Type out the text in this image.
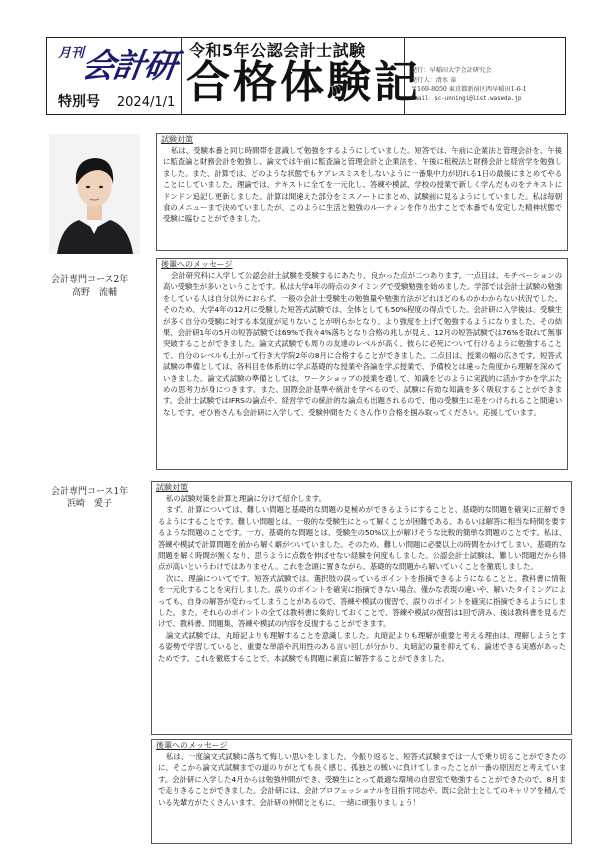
月刊
会計研
特別号 2024/1/1
令和5年公認会計士試験
合格体験記
発行：早稲田大学会計研究会
発行人：清水 泰
〒169-8050 東京都新宿区西早稲田1-6-1
Email：sc-unningi@list.waseda.jp
試験対策
私は、受験本番と同じ時間帯を意識して勉強をするようにしていました。短答では、午前に企業法と管理会計を、午後に監査論と財務会計を勉強し、論文では午前に監査論と管理会計と企業法を、午後に租税法と財務会計と経営学を勉強しました。また、計算では、どのような状態でもケアレスミスをしないように一番集中力が切れる1日の最後にまとめてやることにしていました。理論では、テキストに全てを一元化し、答練や模試、学校の授業で新しく学んだものをテキストにドンドン追記し更新しました。計算は間違えた部分をミスノートにまとめ、試験前に見るようにしていました。私は毎朝食のメニューまで決めていましたが、このように生活と勉強のルーティンを作り出すことで本番でも安定した精神状態で受験に臨むことができました。
会計専門コース2年
高野　流輔
後輩へのメッセージ
会計研究科に入学して公認会計士試験を受験するにあたり、良かった点が二つあります。一点目は、モチベーションの高い受験生が多いということです。私は大学4年の時点のタイミングで受験勉強を始めました。学部では会計士試験の勉強をしている人は自分以外におらず、一般の会計士受験生の勉強量や勉強方法がどれほどのものかわからない状況でした。そのため、大学4年の12月に受験した短答式試験では、全体としても50%程度の得点でした。会計研に入学後は、受験生が多く自分の受験に対する本気度が足りないことが明らかとなり、より強度を上げて勉強するようになりました。その結果、会計研1年の5月の短答試験では69%で我々4%落ちとなり合格の兆しが見え、12月の短答試験では76%を取れて無事突破することができました。論文式試験でも周りの友達のレベルが高く、彼らに必死について行けるように勉強することで、自分のレベルも上がって行き大学院2年の8月に合格することができました。二点目は、授業の幅の広さです。短答式試験の準備としては、各科目を体系的に学ぶ基礎的な授業や各論を学ぶ授業で、予備校とは違った角度から理解を深めていきました。論文式試験の準備としては、ワークショップの授業を通して、知識をどのように実践的に活かすかを学ぶための思考力が身につきます。また、国際会計基準や統計を学べるので、試験に有効な知識を多く吸収することができます。会計士試験ではIFRSの論点や、経営学での統計的な論点も出題されるので、他の受験生に差をつけられること間違いなしです。ぜひ皆さんも会計研に入学して、受験仲間をたくさん作り合格を掴み取ってください。応援しています。
会計専門コース1年
浜崎　愛子
試験対策
私の試験対策を計算と理論に分けて紹介します。
まず、計算については、難しい問題と基礎的な問題の見極めができるようにすることと、基礎的な問題を確実に正解できるようにすることです。難しい問題とは、一般的な受験生にとって解くことが困難である、あるいは解答に相当な時間を要するような問題のことです。一方、基礎的な問題とは、受験生の50%以上が解けそうな比較的簡単な問題のことです。私は、答練や模試で計算問題を前から解く癖がついていました。そのため、難しい問題に必要以上の時間をかけてしまい、基礎的な問題を解く時間が無くなり、思うように点数を伸ばせない経験を何度もしました。公認会計士試験は、難しい問題だから得点が高いというわけではありません。これを念頭に置きながら、基礎的な問題から解いていくことを徹底しました。
次に、理論についてです。短答式試験では、選択肢の誤っているポイントを指摘できるようになることと、教科書に情報を一元化することを実行しました。誤りのポイントを確実に指摘できない場合、僅かな表現の違いや、解いたタイミングによっても、自身の解答が変わってしまうことがあるので、答練や模試の復習で、誤りのポイントを確実に指摘できるようにしました。また、それらのポイントの全ては教科書に集約しておくことで、答練や模試の復習は1回で済み、後は教科書を見るだけで、教科書、問題集、答練や模試の内容を反復することができます。
論文式試験では、丸暗記よりも理解することを意識しました。丸暗記よりも理解が重要と考える理由は、理解しようとする姿勢で学習していると、重要な単語や汎用性のある言い回しが分かり、丸暗記の量を抑えても、論述できる実感があったためです。これを徹底することで、本試験でも問題に素直に解答することができました。
後輩へのメッセージ
私は、一度論文式試験に落ちて悔しい思いをしました。今振り返ると、短答式試験までは一人で乗り切ることができたのに、そこから論文式試験までの道のりがとても長く感じ、孤独との戦いに負けてしまったことが一番の原因だと考えています。会計研に入学した4月からは勉強仲間ができ、受験生にとって最適な環境の自習室で勉強することができたので、8月まで走りきることができました。会計研には、会計プロフェッショナルを目指す同志や、既に会計士としてのキャリアを積んでいる先輩方がたくさんいます。会計研の仲間とともに、一緒に頑張りましょう！
